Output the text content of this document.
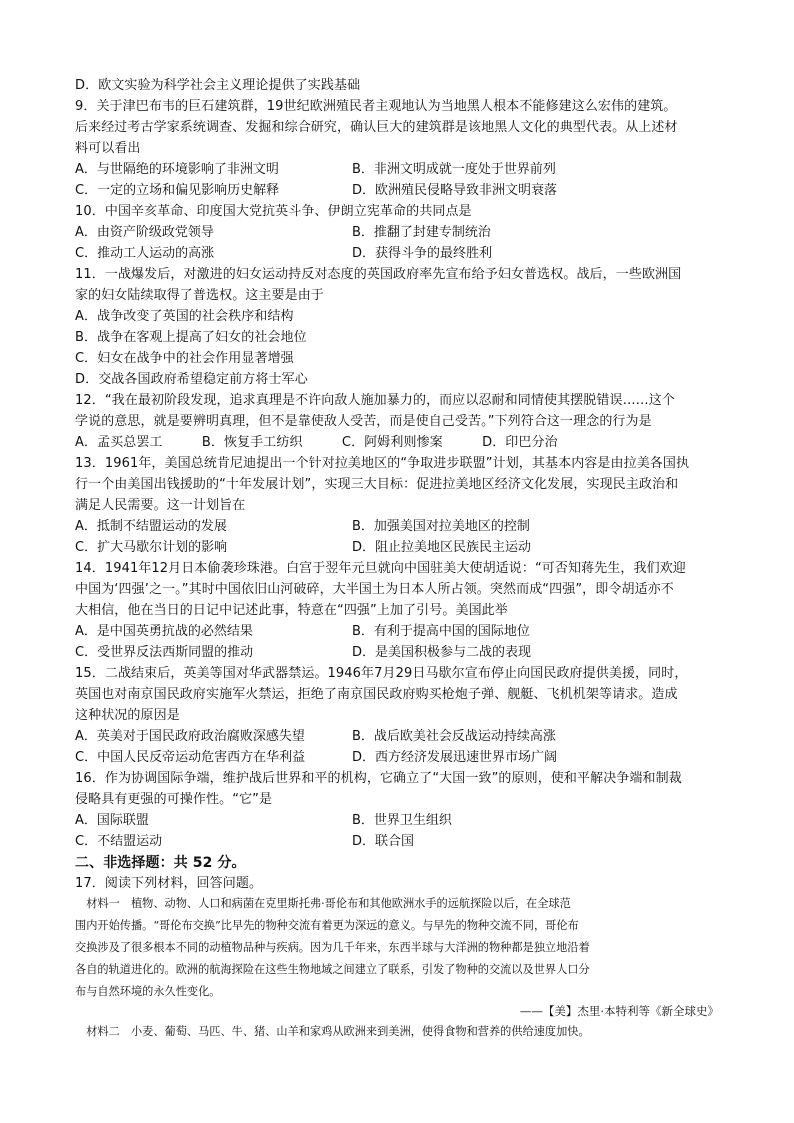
D．欧文实验为科学社会主义理论提供了实践基础
9．关于津巴布韦的巨石建筑群，19世纪欧洲殖民者主观地认为当地黑人根本不能修建这么宏伟的建筑。
后来经过考古学家系统调查、发掘和综合研究，确认巨大的建筑群是该地黑人文化的典型代表。从上述材
料可以看出
A．与世隔绝的环境影响了非洲文明	B．非洲文明成就一度处于世界前列
C．一定的立场和偏见影响历史解释	D．欧洲殖民侵略导致非洲文明衰落
10．中国辛亥革命、印度国大党抗英斗争、伊朗立宪革命的共同点是
A．由资产阶级政党领导	B．推翻了封建专制统治
C．推动工人运动的高涨	D．获得斗争的最终胜利
11．一战爆发后，对激进的妇女运动持反对态度的英国政府率先宣布给予妇女普选权。战后，一些欧洲国
家的妇女陆续取得了普选权。这主要是由于
A．战争改变了英国的社会秩序和结构
B．战争在客观上提高了妇女的社会地位
C．妇女在战争中的社会作用显著增强
D．交战各国政府希望稳定前方将士军心
12．“我在最初阶段发现，追求真理是不许向敌人施加暴力的，而应以忍耐和同情使其摆脱错误……这个
学说的意思，就是要辨明真理，但不是靠使敌人受苦，而是使自己受苦。”下列符合这一理念的行为是
A．孟买总罢工　　　B．恢复手工纺织　　　C．阿姆利则惨案　　　D．印巴分治
13．1961年，美国总统肯尼迪提出一个针对拉美地区的“争取进步联盟”计划，其基本内容是由拉美各国执
行一个由美国出钱援助的“十年发展计划”，实现三大目标：促进拉美地区经济文化发展，实现民主政治和
满足人民需要。这一计划旨在
A．抵制不结盟运动的发展	B．加强美国对拉美地区的控制
C．扩大马歇尔计划的影响	D．阻止拉美地区民族民主运动
14．1941年12月日本偷袭珍珠港。白宫于翌年元旦就向中国驻美大使胡适说：“可否知蒋先生，我们欢迎
中国为‘四强’之一。”其时中国依旧山河破碎，大半国土为日本人所占领。突然而成“四强”，即令胡适亦不
大相信，他在当日的日记中记述此事，特意在“四强”上加了引号。美国此举
A．是中国英勇抗战的必然结果	B．有利于提高中国的国际地位
C．受世界反法西斯同盟的推动	D．是美国积极参与二战的表现
15．二战结束后，英美等国对华武器禁运。1946年7月29日马歇尔宣布停止向国民政府提供美援，同时，
英国也对南京国民政府实施军火禁运，拒绝了南京国民政府购买枪炮子弹、舰艇、飞机机架等请求。造成
这种状况的原因是
A．英美对于国民政府政治腐败深感失望	B．战后欧美社会反战运动持续高涨
C．中国人民反帝运动危害西方在华利益	D．西方经济发展迅速世界市场广阔
16．作为协调国际争端，维护战后世界和平的机构，它确立了“大国一致”的原则，使和平解决争端和制裁
侵略具有更强的可操作性。“它”是
A．国际联盟	B．世界卫生组织
C．不结盟运动	D．联合国
二、非选择题：共 52 分。
17．阅读下列材料，回答问题。
　材料一　植物、动物、人口和病菌在克里斯托弗·哥伦布和其他欧洲水手的远航探险以后，在全球范
围内开始传播。“哥伦布交换”比早先的物种交流有着更为深远的意义。与早先的物种交流不同，哥伦布
交换涉及了很多根本不同的动植物品种与疾病。因为几千年来，东西半球与大洋洲的物种都是独立地沿着
各自的轨道进化的。欧洲的航海探险在这些生物地域之间建立了联系，引发了物种的交流以及世界人口分
布与自然环境的永久性变化。
——【美】杰里·本特利等《新全球史》
　材料二　小麦、葡萄、马匹、牛、猪、山羊和家鸡从欧洲来到美洲，使得食物和营养的供给速度加快。
